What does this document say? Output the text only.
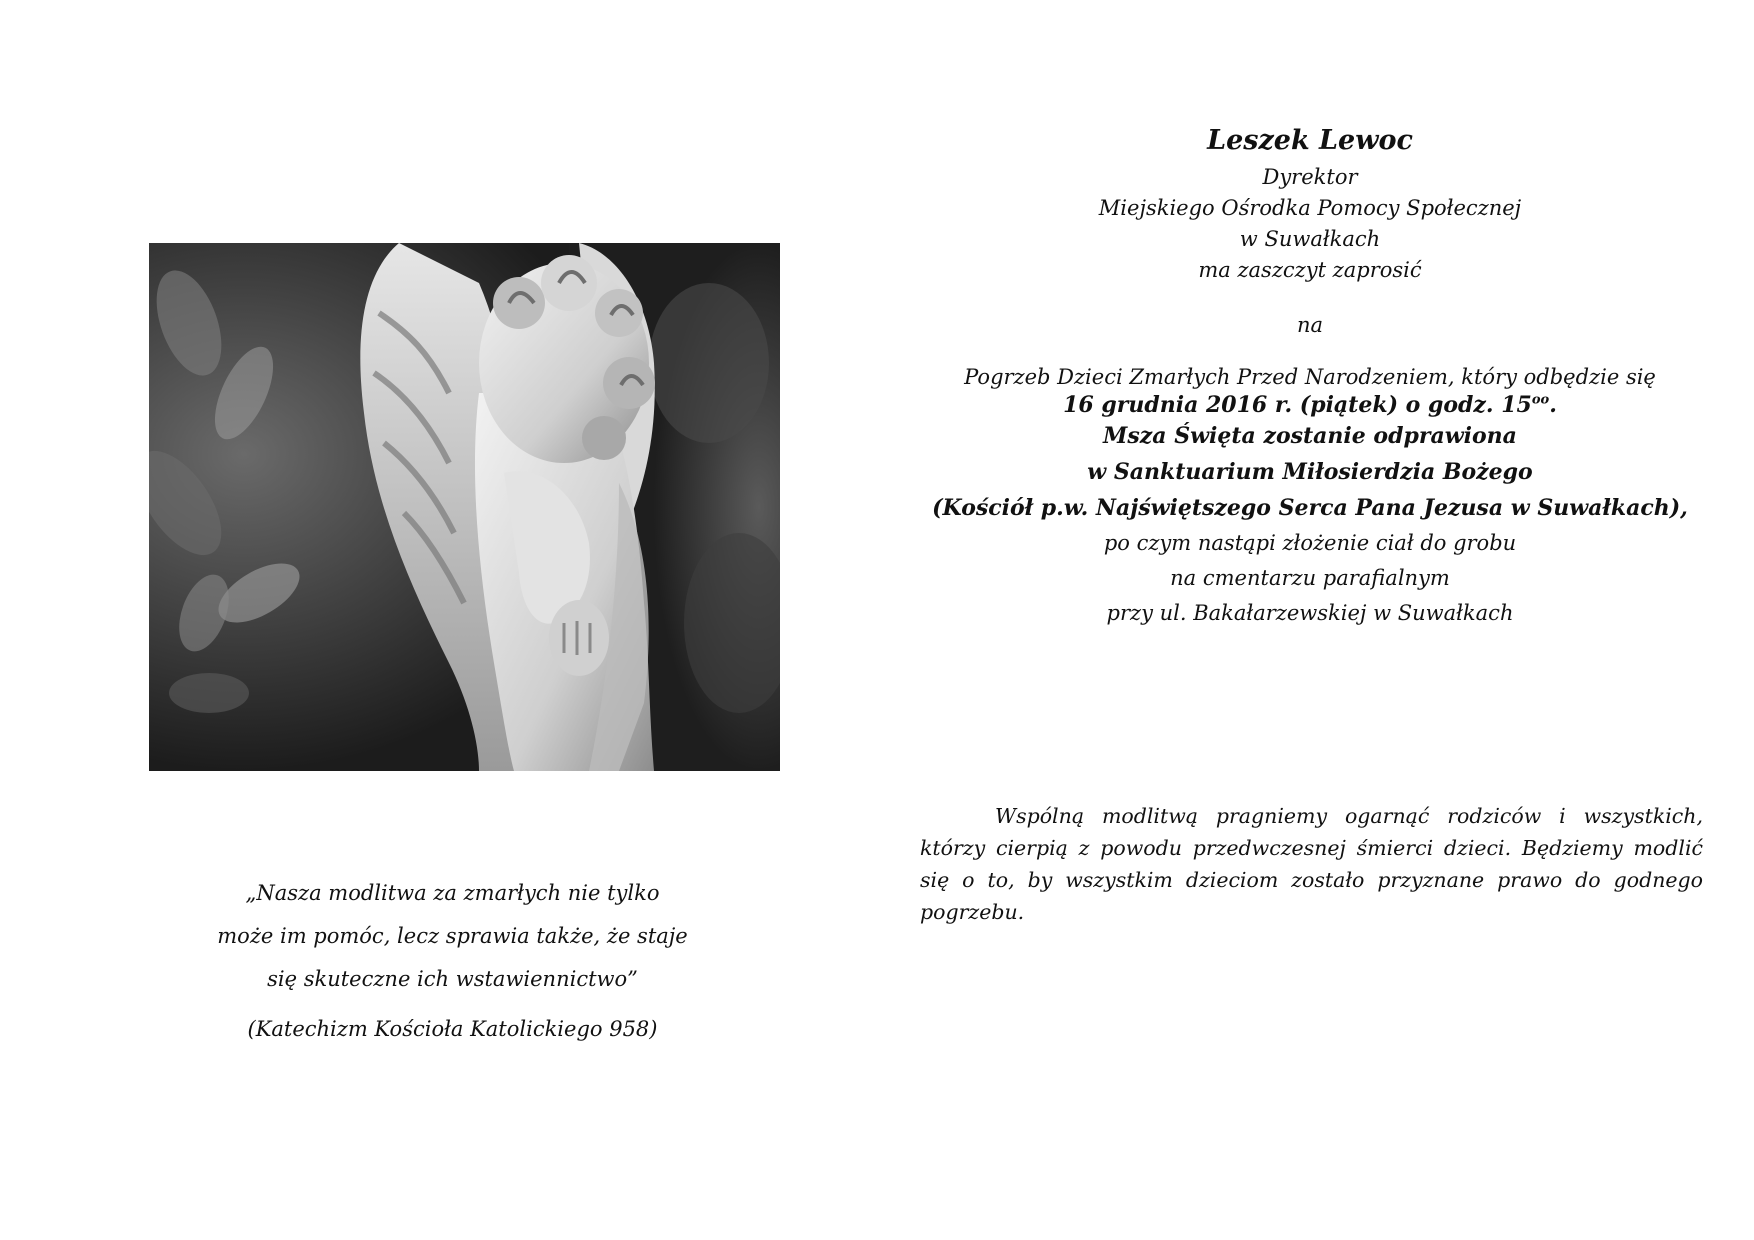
„Nasza modlitwa za zmarłych nie tylko
może im pomóc, lecz sprawia także, że staje
się skuteczne ich wstawiennictwo”
(Katechizm Kościoła Katolickiego 958)
Leszek Lewoc
Dyrektor
Miejskiego Ośrodka Pomocy Społecznej
w Suwałkach
ma zaszczyt zaprosić
na
Pogrzeb Dzieci Zmarłych Przed Narodzeniem, który odbędzie się
16 grudnia 2016 r. (piątek) o godz. $15^{oo}$.
Msza Święta zostanie odprawiona
w Sanktuarium Miłosierdzia Bożego
(Kościół p.w. Najświętszego Serca Pana Jezusa w Suwałkach),
po czym nastąpi złożenie ciał do grobu
na cmentarzu parafialnym
przy ul. Bakałarzewskiej w Suwałkach
Wspólną modlitwą pragniemy ogarnąć rodziców i wszystkich, którzy cierpią z powodu przedwczesnej śmierci dzieci. Będziemy modlić się o to, by wszystkim dzieciom zostało przyznane prawo do godnego pogrzebu.
